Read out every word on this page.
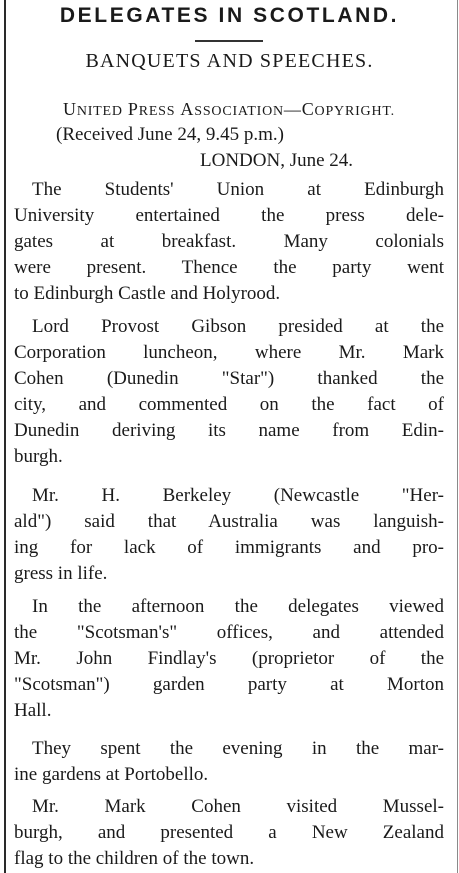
DELEGATES IN SCOTLAND.
BANQUETS AND SPEECHES.
UNITED PRESS ASSOCIATION—COPYRIGHT.
(Received June 24, 9.45 p.m.)
LONDON, June 24.
The Students' Union at Edinburgh
University entertained the press dele-
gates at breakfast. Many colonials
were present. Thence the party went
to Edinburgh Castle and Holyrood.
Lord Provost Gibson presided at the
Corporation luncheon, where Mr. Mark
Cohen (Dunedin "Star") thanked the
city, and commented on the fact of
Dunedin deriving its name from Edin-
burgh.
Mr. H. Berkeley (Newcastle "Her-
ald") said that Australia was languish-
ing for lack of immigrants and pro-
gress in life.
In the afternoon the delegates viewed
the "Scotsman's" offices, and attended
Mr. John Findlay's (proprietor of the
"Scotsman") garden party at Morton
Hall.
They spent the evening in the mar-
ine gardens at Portobello.
Mr. Mark Cohen visited Mussel-
burgh, and presented a New Zealand
flag to the children of the town.
